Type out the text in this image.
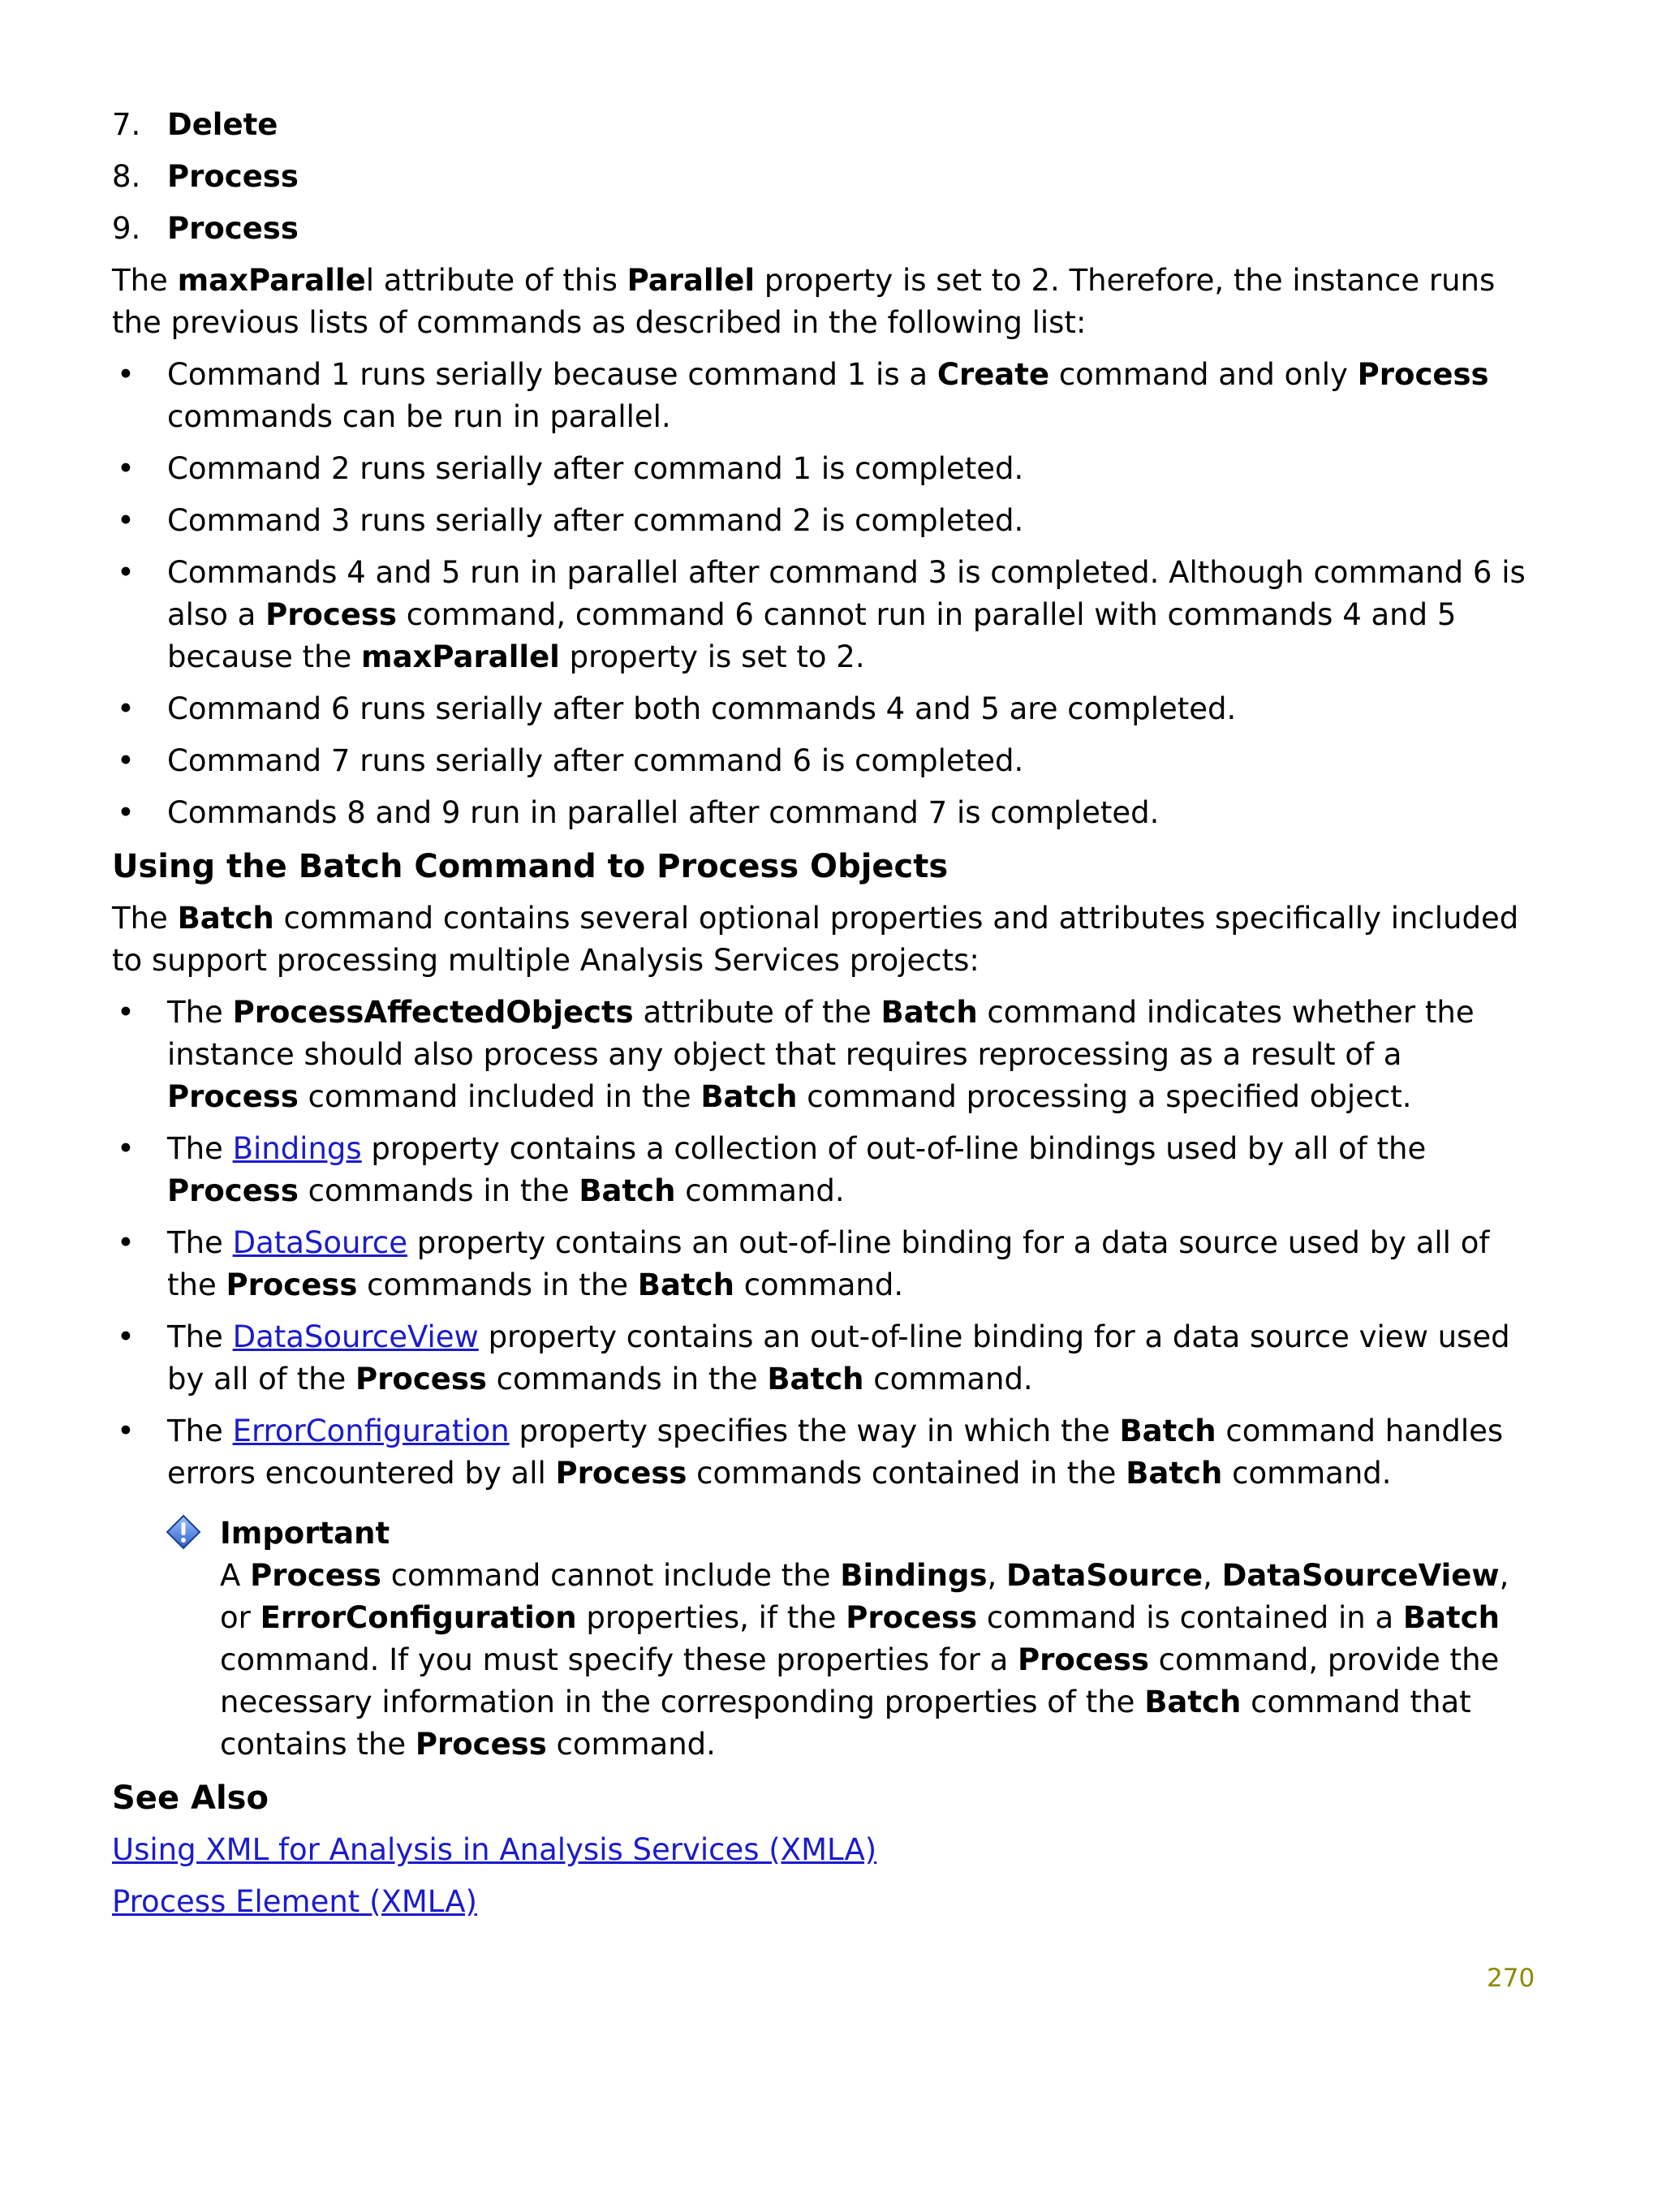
7. Delete
8. Process
9. Process

The maxParallel attribute of this Parallel property is set to 2. Therefore, the instance runs the previous lists of commands as described in the following list:

• Command 1 runs serially because command 1 is a Create command and only Process commands can be run in parallel.
• Command 2 runs serially after command 1 is completed.
• Command 3 runs serially after command 2 is completed.
• Commands 4 and 5 run in parallel after command 3 is completed. Although command 6 is also a Process command, command 6 cannot run in parallel with commands 4 and 5 because the maxParallel property is set to 2.
• Command 6 runs serially after both commands 4 and 5 are completed.
• Command 7 runs serially after command 6 is completed.
• Commands 8 and 9 run in parallel after command 7 is completed.
Using the Batch Command to Process Objects

The Batch command contains several optional properties and attributes specifically included to support processing multiple Analysis Services projects:

• The ProcessAffectedObjects attribute of the Batch command indicates whether the instance should also process any object that requires reprocessing as a result of a Process command included in the Batch command processing a specified object.
• The Bindings property contains a collection of out-of-line bindings used by all of the Process commands in the Batch command.
• The DataSource property contains an out-of-line binding for a data source used by all of the Process commands in the Batch command.
• The DataSourceView property contains an out-of-line binding for a data source view used by all of the Process commands in the Batch command.
• The ErrorConfiguration property specifies the way in which the Batch command handles errors encountered by all Process commands contained in the Batch command.

Important

A Process command cannot include the Bindings, DataSource, DataSourceView, or ErrorConfiguration properties, if the Process command is contained in a Batch command. If you must specify these properties for a Process command, provide the necessary information in the corresponding properties of the Batch command that contains the Process command.

See Also

Using XML for Analysis in Analysis Services (XMLA)

Process Element (XMLA)

270
